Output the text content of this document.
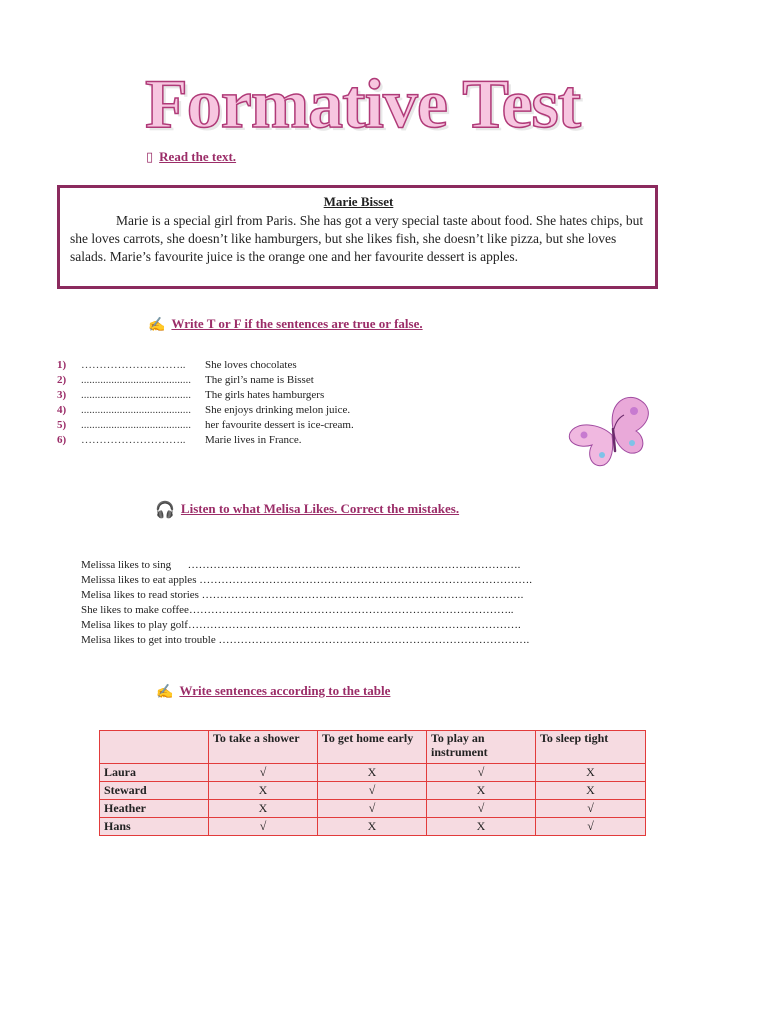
Formative Test
▯ Read the text.
Marie Bisset
Marie is a special girl from Paris. She has got a very special taste about food. She hates chips, but she loves carrots, she doesn’t like hamburgers, but she likes fish, she doesn’t like pizza, but she loves salads. Marie’s favourite juice is the orange one and her favourite dessert is apples.
✍ Write T or F if the sentences are true or false.
1) ……………………….. She loves chocolates
2) ........................................ The girl’s name is Bisset
3) ........................................ The girls hates hamburgers
4) ........................................ She enjoys drinking melon juice.
5) ........................................ her favourite dessert is ice-cream.
6) ……………………….. Marie lives in France.
🎧 Listen to what Melisa Likes. Correct the mistakes.
Melissa likes to sing      ……………………………………………………………………………….
Melissa likes to eat apples ……………………………………………………………………………….
Melisa likes to read stories …………………………………………………………………………….
She likes to make coffee……………………………………………………………………………..
Melisa likes to play golf……………………………………………………………………………….
Melisa likes to get into trouble ………………………………………………………………………….
✍ Write sentences according to the table
	To take a shower	To get home early	To play an instrument	To sleep tight
Laura	√	X	√	X
Steward	X	√	X	X
Heather	X	√	√	√
Hans	√	X	X	√
